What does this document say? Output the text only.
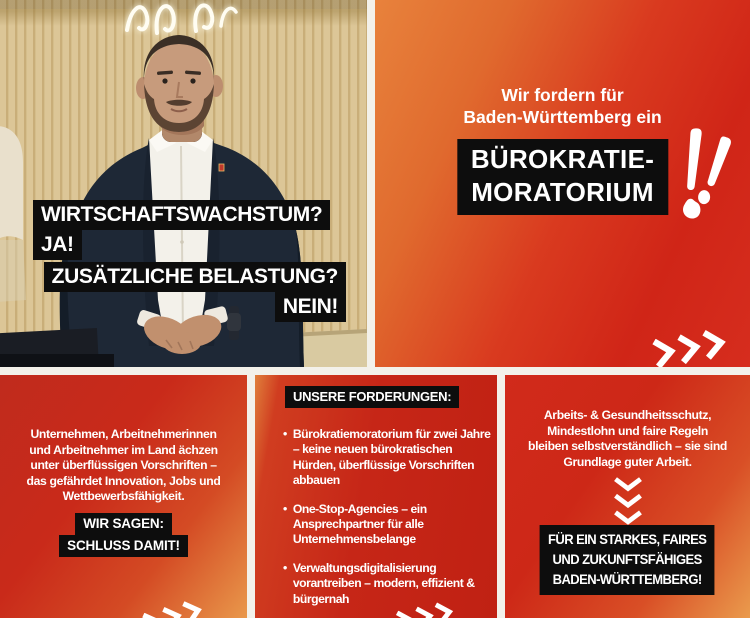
WIRTSCHAFTSWACHSTUM?
JA!
ZUSÄTZLICHE BELASTUNG?
NEIN!
Wir fordern für
Baden-Württemberg ein
BÜROKRATIE-
MORATORIUM
Unternehmen, Arbeitnehmerinnen
und Arbeitnehmer im Land ächzen
unter überflüssigen Vorschriften –
das gefährdet Innovation, Jobs und
Wettbewerbsfähigkeit.
WIR SAGEN:
SCHLUSS DAMIT!
UNSERE FORDERUNGEN:
• Bürokratiemoratorium für zwei Jahre – keine neuen bürokratischen Hürden, überflüssige Vorschriften abbauen
• One-Stop-Agencies – ein Ansprechpartner für alle Unternehmensbelange
• Verwaltungsdigitalisierung vorantreiben – modern, effizient & bürgernah
Arbeits- & Gesundheitsschutz,
Mindestlohn und faire Regeln
bleiben selbstverständlich – sie sind
Grundlage guter Arbeit.
FÜR EIN STARKES, FAIRES
UND ZUKUNFTSFÄHIGES
BADEN-WÜRTTEMBERG!
